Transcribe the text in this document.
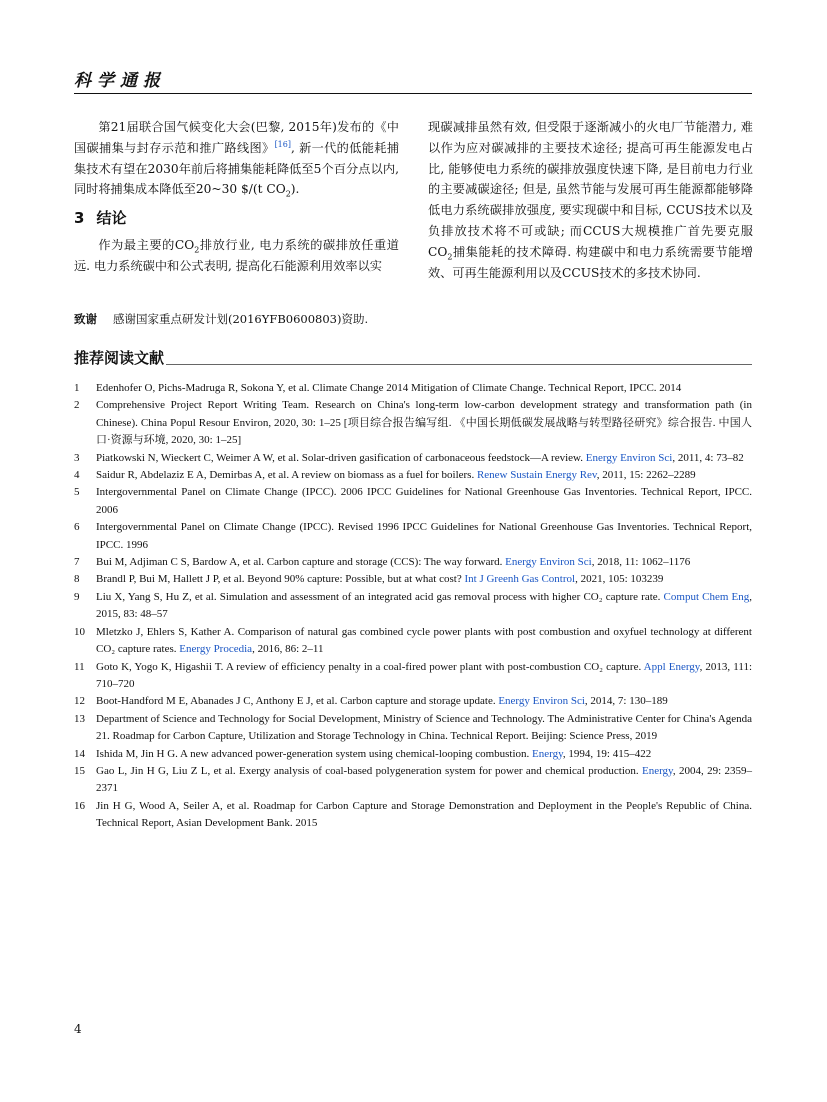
科学通报

第21届联合国气候变化大会(巴黎, 2015年)发布的《中国碳捕集与封存示范和推广路线图》[16], 新一代的低能耗捕集技术有望在2030年前后将捕集能耗降低至5个百分点以内, 同时将捕集成本降低至20~30 $/(t $CO_2$).

3 结论

作为最主要的$CO_2$排放行业, 电力系统的碳排放任重道远. 电力系统碳中和公式表明, 提高化石能源利用效率以实

现碳减排虽然有效, 但受限于逐渐减小的火电厂节能潜力, 难以作为应对碳减排的主要技术途径; 提高可再生能源发电占比, 能够使电力系统的碳排放强度快速下降, 是目前电力行业的主要减碳途径; 但是, 虽然节能与发展可再生能源都能够降低电力系统碳排放强度, 要实现碳中和目标, CCUS技术以及负排放技术将不可或缺; 而CCUS大规模推广首先要克服$CO_2$捕集能耗的技术障碍. 构建碳中和电力系统需要节能增效、可再生能源利用以及CCUS技术的多技术协同.

致谢 感谢国家重点研发计划(2016YFB0600803)资助.
推荐阅读文献
1	Edenhofer O, Pichs-Madruga R, Sokona Y, et al. Climate Change 2014 Mitigation of Climate Change. Technical Report, IPCC. 2014
2	Comprehensive Project Report Writing Team. Research on China's long-term low-carbon development strategy and transformation path (in Chinese). China Popul Resour Environ, 2020, 30: 1–25 [项目综合报告编写组. 《中国长期低碳发展战略与转型路径研究》综合报告. 中国人口·资源与环境, 2020, 30: 1–25]
3	Piatkowski N, Wieckert C, Weimer A W, et al. Solar-driven gasification of carbonaceous feedstock—A review. Energy Environ Sci, 2011, 4: 73–82
4	Saidur R, Abdelaziz E A, Demirbas A, et al. A review on biomass as a fuel for boilers. Renew Sustain Energy Rev, 2011, 15: 2262–2289
5	Intergovernmental Panel on Climate Change (IPCC). 2006 IPCC Guidelines for National Greenhouse Gas Inventories. Technical Report, IPCC. 2006
6	Intergovernmental Panel on Climate Change (IPCC). Revised 1996 IPCC Guidelines for National Greenhouse Gas Inventories. Technical Report, IPCC. 1996
7	Bui M, Adjiman C S, Bardow A, et al. Carbon capture and storage (CCS): The way forward. Energy Environ Sci, 2018, 11: 1062–1176
8	Brandl P, Bui M, Hallett J P, et al. Beyond 90% capture: Possible, but at what cost? Int J Greenh Gas Control, 2021, 105: 103239
9	Liu X, Yang S, Hu Z, et al. Simulation and assessment of an integrated acid gas removal process with higher CO₂ capture rate. Comput Chem Eng, 2015, 83: 48–57
10	Mletzko J, Ehlers S, Kather A. Comparison of natural gas combined cycle power plants with post combustion and oxyfuel technology at different CO₂ capture rates. Energy Procedia, 2016, 86: 2–11
11	Goto K, Yogo K, Higashii T. A review of efficiency penalty in a coal-fired power plant with post-combustion CO₂ capture. Appl Energy, 2013, 111: 710–720
12	Boot-Handford M E, Abanades J C, Anthony E J, et al. Carbon capture and storage update. Energy Environ Sci, 2014, 7: 130–189
13	Department of Science and Technology for Social Development, Ministry of Science and Technology. The Administrative Center for China's Agenda 21. Roadmap for Carbon Capture, Utilization and Storage Technology in China. Technical Report. Beijing: Science Press, 2019
14	Ishida M, Jin H G. A new advanced power-generation system using chemical-looping combustion. Energy, 1994, 19: 415–422
15	Gao L, Jin H G, Liu Z L, et al. Exergy analysis of coal-based polygeneration system for power and chemical production. Energy, 2004, 29: 2359–2371
16	Jin H G, Wood A, Seiler A, et al. Roadmap for Carbon Capture and Storage Demonstration and Deployment in the People's Republic of China. Technical Report, Asian Development Bank. 2015
4
